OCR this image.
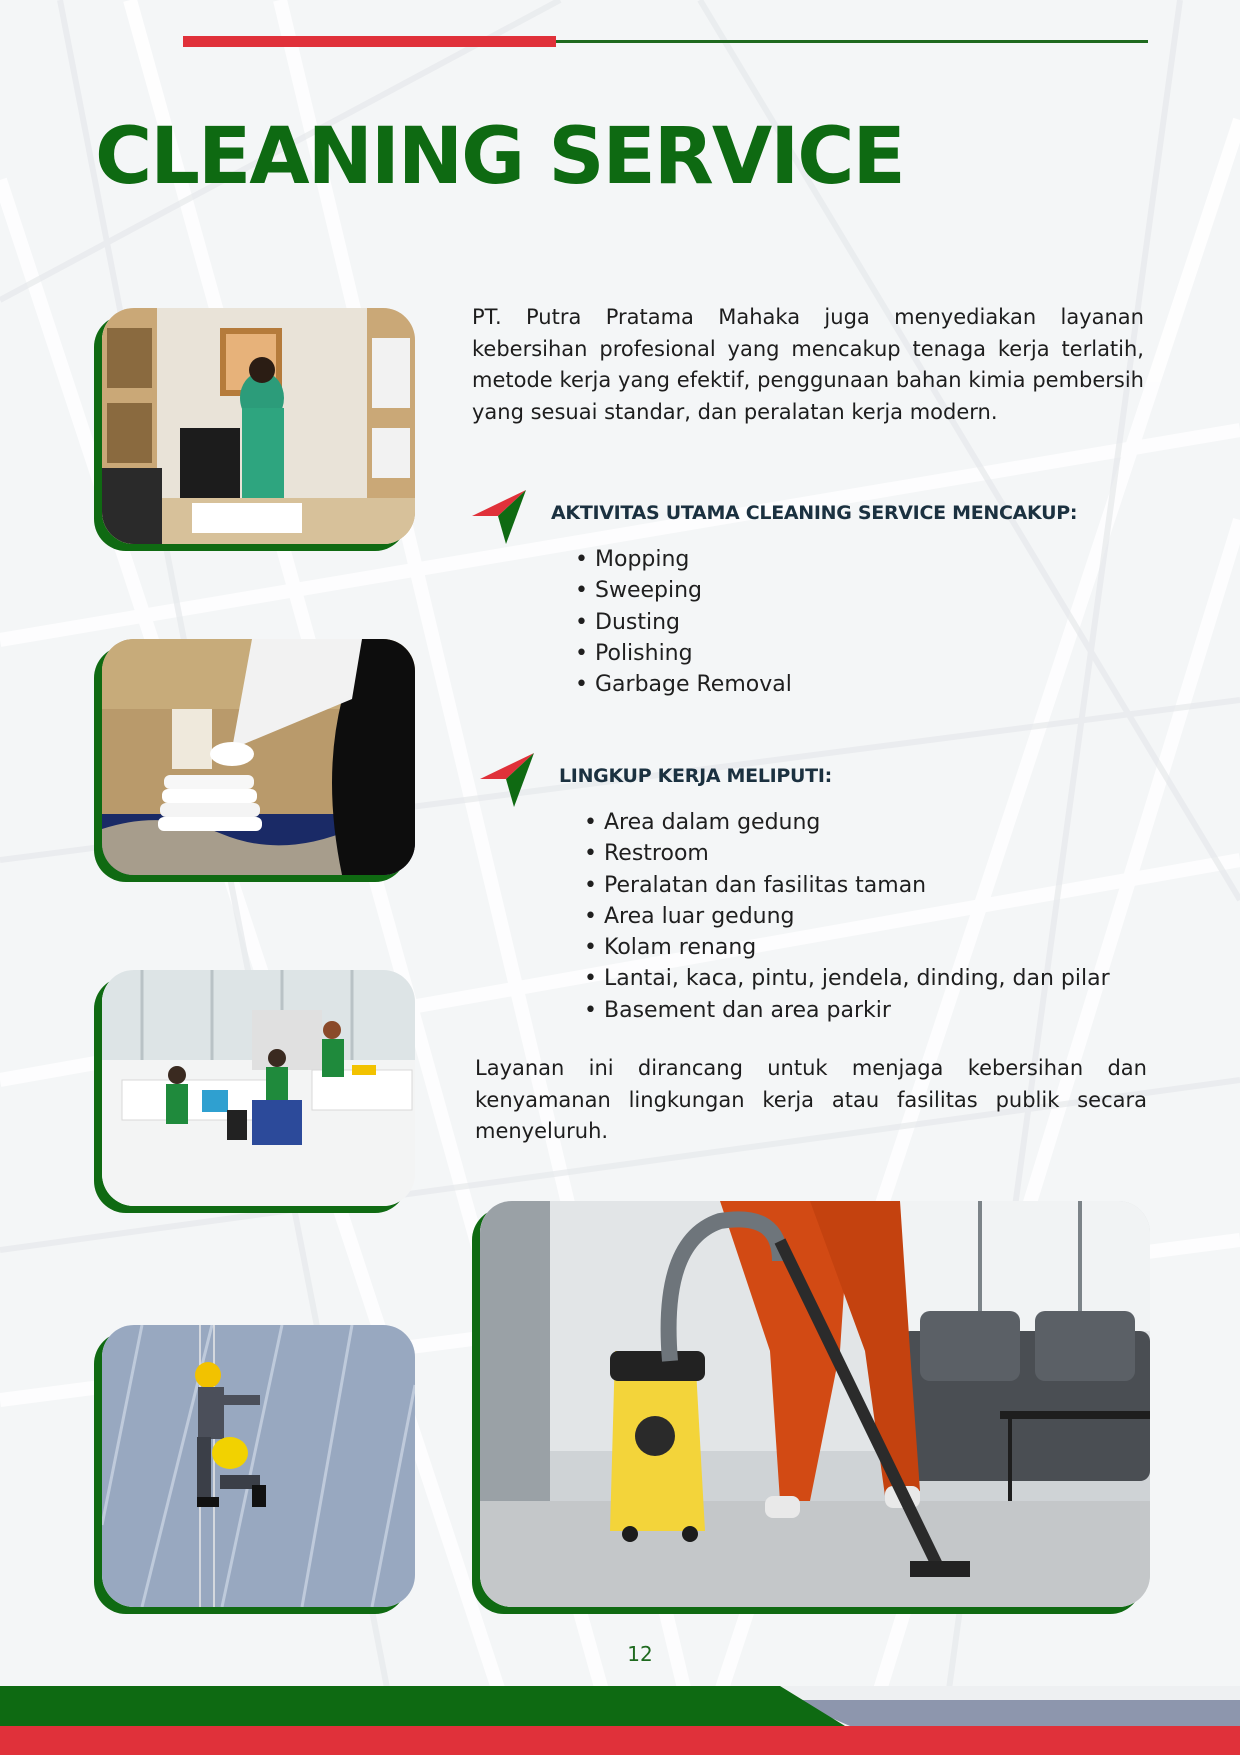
CLEANING SERVICE

PT. Putra Pratama Mahaka juga menyediakan layanan kebersihan profesional yang mencakup tenaga kerja terlatih, metode kerja yang efektif, penggunaan bahan kimia pembersih yang sesuai standar, dan peralatan kerja modern.

AKTIVITAS UTAMA CLEANING SERVICE MENCAKUP:
• Mopping
• Sweeping
• Dusting
• Polishing
• Garbage Removal
LINGKUP KERJA MELIPUTI:
• Area dalam gedung
• Restroom
• Peralatan dan fasilitas taman
• Area luar gedung
• Kolam renang
• Lantai, kaca, pintu, jendela, dinding, dan pilar
• Basement dan area parkir

Layanan ini dirancang untuk menjaga kebersihan dan kenyamanan lingkungan kerja atau fasilitas publik secara menyeluruh.

12
